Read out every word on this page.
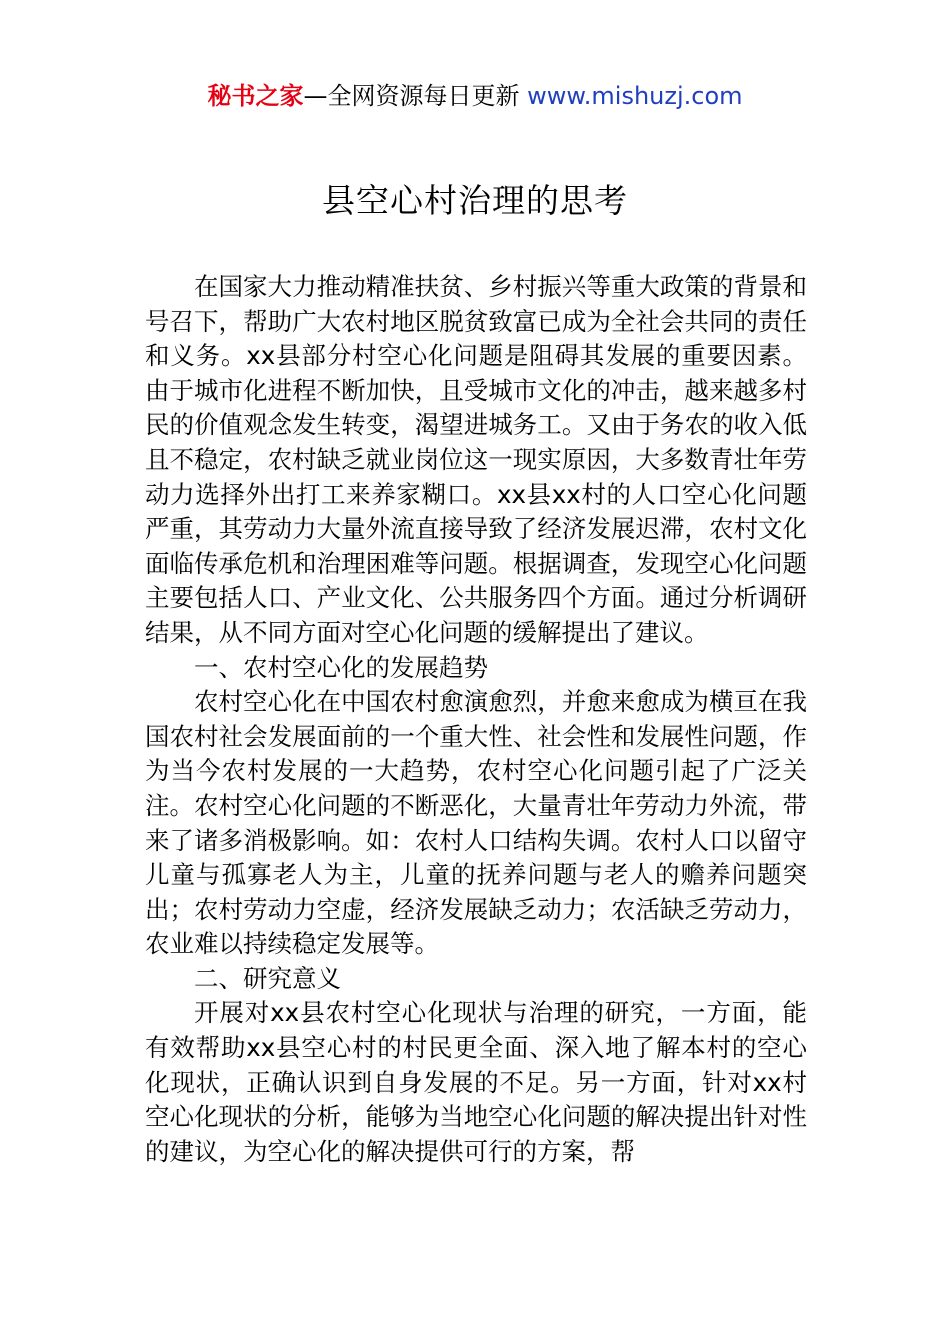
秘书之家—全网资源每日更新 www.mishuzj.com
县空心村治理的思考

在国家大力推动精准扶贫、乡村振兴等重大政策的背景和号召下，帮助广大农村地区脱贫致富已成为全社会共同的责任和义务。xx县部分村空心化问题是阻碍其发展的重要因素。由于城市化进程不断加快，且受城市文化的冲击，越来越多村民的价值观念发生转变，渴望进城务工。又由于务农的收入低且不稳定，农村缺乏就业岗位这一现实原因，大多数青壮年劳动力选择外出打工来养家糊口。xx县xx村的人口空心化问题严重，其劳动力大量外流直接导致了经济发展迟滞，农村文化面临传承危机和治理困难等问题。根据调查，发现空心化问题主要包括人口、产业文化、公共服务四个方面。通过分析调研结果，从不同方面对空心化问题的缓解提出了建议。

一、农村空心化的发展趋势

农村空心化在中国农村愈演愈烈，并愈来愈成为横亘在我国农村社会发展面前的一个重大性、社会性和发展性问题，作为当今农村发展的一大趋势，农村空心化问题引起了广泛关注。农村空心化问题的不断恶化，大量青壮年劳动力外流，带来了诸多消极影响。如：农村人口结构失调。农村人口以留守儿童与孤寡老人为主，儿童的抚养问题与老人的赡养问题突出；农村劳动力空虚，经济发展缺乏动力；农活缺乏劳动力，农业难以持续稳定发展等。

二、研究意义

开展对xx县农村空心化现状与治理的研究，一方面，能有效帮助xx县空心村的村民更全面、深入地了解本村的空心化现状，正确认识到自身发展的不足。另一方面，针对xx村空心化现状的分析，能够为当地空心化问题的解决提出针对性的建议，为空心化的解决提供可行的方案，帮
